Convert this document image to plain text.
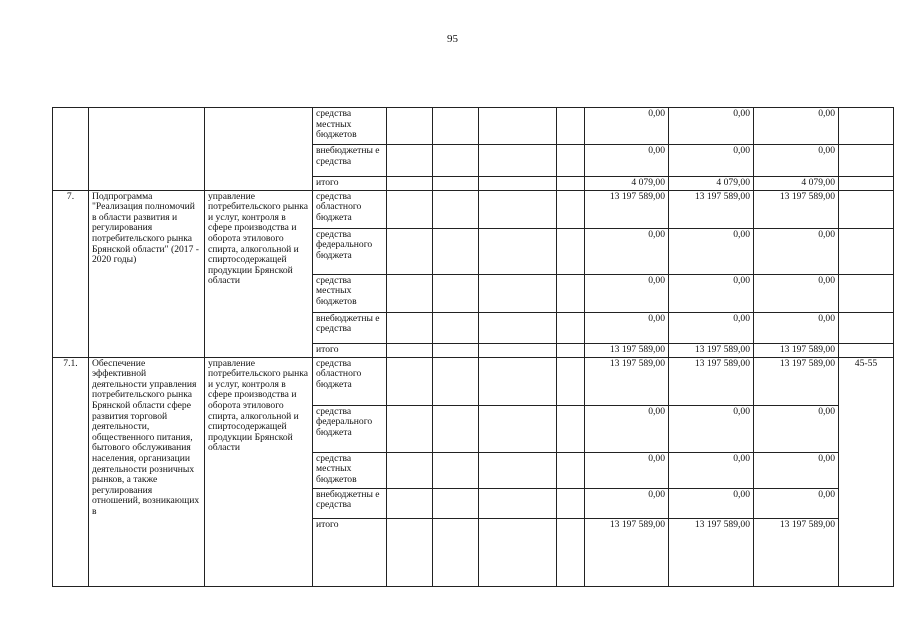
95
			средства местных бюджетов					0,00	0,00	0,00	
			внебюджетны е средства					0,00	0,00	0,00	
			итого					4 079,00	4 079,00	4 079,00	
7.	Подпрограмма "Реализация полномочий в области развития и регулирования потребительского рынка Брянской области" (2017 - 2020 годы)	управление потребительского рынка и услуг, контроля в сфере производства и оборота этилового спирта, алкогольной и спиртосодержащей продукции Брянской области	средства областного бюджета					13 197 589,00	13 197 589,00	13 197 589,00	
			средства федерального бюджета					0,00	0,00	0,00	
			средства местных бюджетов					0,00	0,00	0,00	
			внебюджетны е средства					0,00	0,00	0,00	
			итого					13 197 589,00	13 197 589,00	13 197 589,00	
7.1.	Обеспечение эффективной деятельности управления потребительского рынка Брянской области сфере развития торговой деятельности, общественного питания, бытового обслуживания населения, организации деятельности розничных рынков, а также регулирования отношений, возникающих в	управление потребительского рынка и услуг, контроля в сфере производства и оборота этилового спирта, алкогольной и спиртосодержащей продукции Брянской области	средства областного бюджета					13 197 589,00	13 197 589,00	13 197 589,00	45-55
			средства федерального бюджета					0,00	0,00	0,00	
			средства местных бюджетов					0,00	0,00	0,00	
			внебюджетны е средства					0,00	0,00	0,00	
			итого					13 197 589,00	13 197 589,00	13 197 589,00	
